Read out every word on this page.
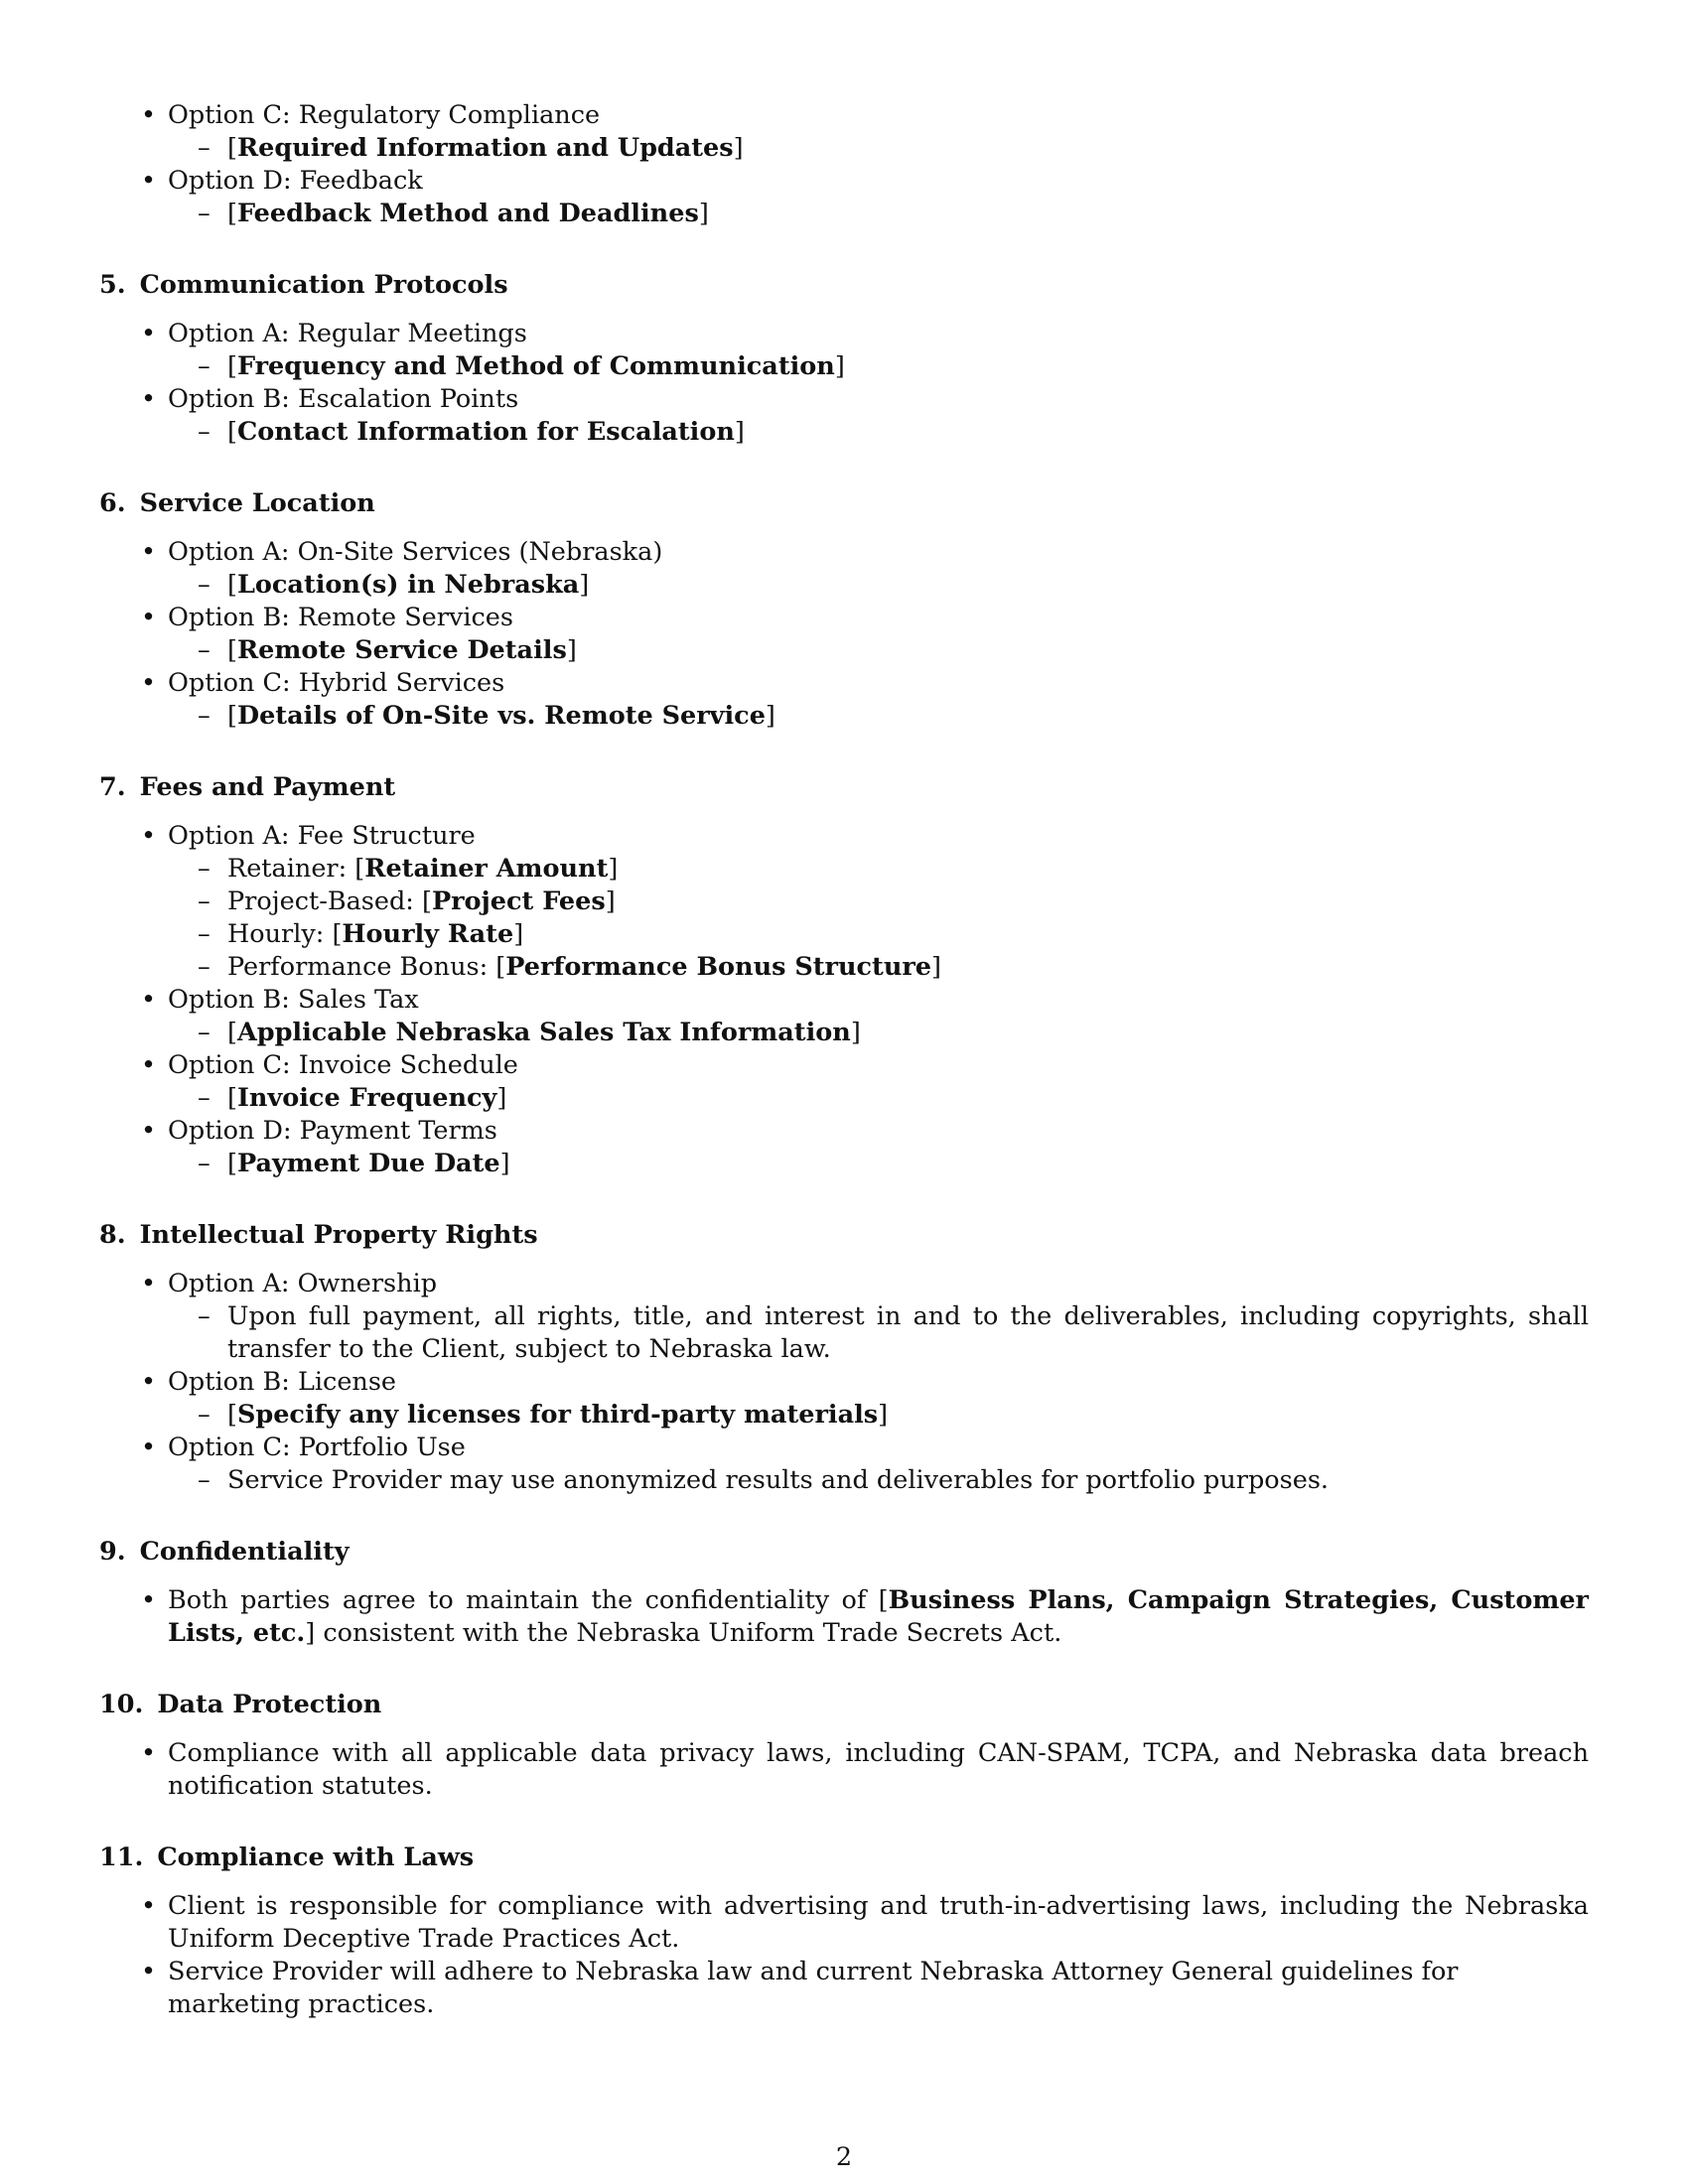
• Option C: Regulatory Compliance
– [Required Information and Updates]
• Option D: Feedback
– [Feedback Method and Deadlines]
5. Communication Protocols
• Option A: Regular Meetings
– [Frequency and Method of Communication]
• Option B: Escalation Points
– [Contact Information for Escalation]
6. Service Location
• Option A: On-Site Services (Nebraska)
– [Location(s) in Nebraska]
• Option B: Remote Services
– [Remote Service Details]
• Option C: Hybrid Services
– [Details of On-Site vs. Remote Service]
7. Fees and Payment
• Option A: Fee Structure
– Retainer: [Retainer Amount]
– Project-Based: [Project Fees]
– Hourly: [Hourly Rate]
– Performance Bonus: [Performance Bonus Structure]
• Option B: Sales Tax
– [Applicable Nebraska Sales Tax Information]
• Option C: Invoice Schedule
– [Invoice Frequency]
• Option D: Payment Terms
– [Payment Due Date]
8. Intellectual Property Rights
• Option A: Ownership
– Upon full payment, all rights, title, and interest in and to the deliverables, including copyrights, shall transfer to the Client, subject to Nebraska law.
• Option B: License
– [Specify any licenses for third-party materials]
• Option C: Portfolio Use
– Service Provider may use anonymized results and deliverables for portfolio purposes.
9. Confidentiality
• Both parties agree to maintain the confidentiality of [Business Plans, Campaign Strategies, Customer Lists, etc.] consistent with the Nebraska Uniform Trade Secrets Act.
10. Data Protection
• Compliance with all applicable data privacy laws, including CAN-SPAM, TCPA, and Nebraska data breach notification statutes.
11. Compliance with Laws
• Client is responsible for compliance with advertising and truth-in-advertising laws, including the Nebraska Uniform Deceptive Trade Practices Act.
• Service Provider will adhere to Nebraska law and current Nebraska Attorney General guidelines for marketing practices.
2
